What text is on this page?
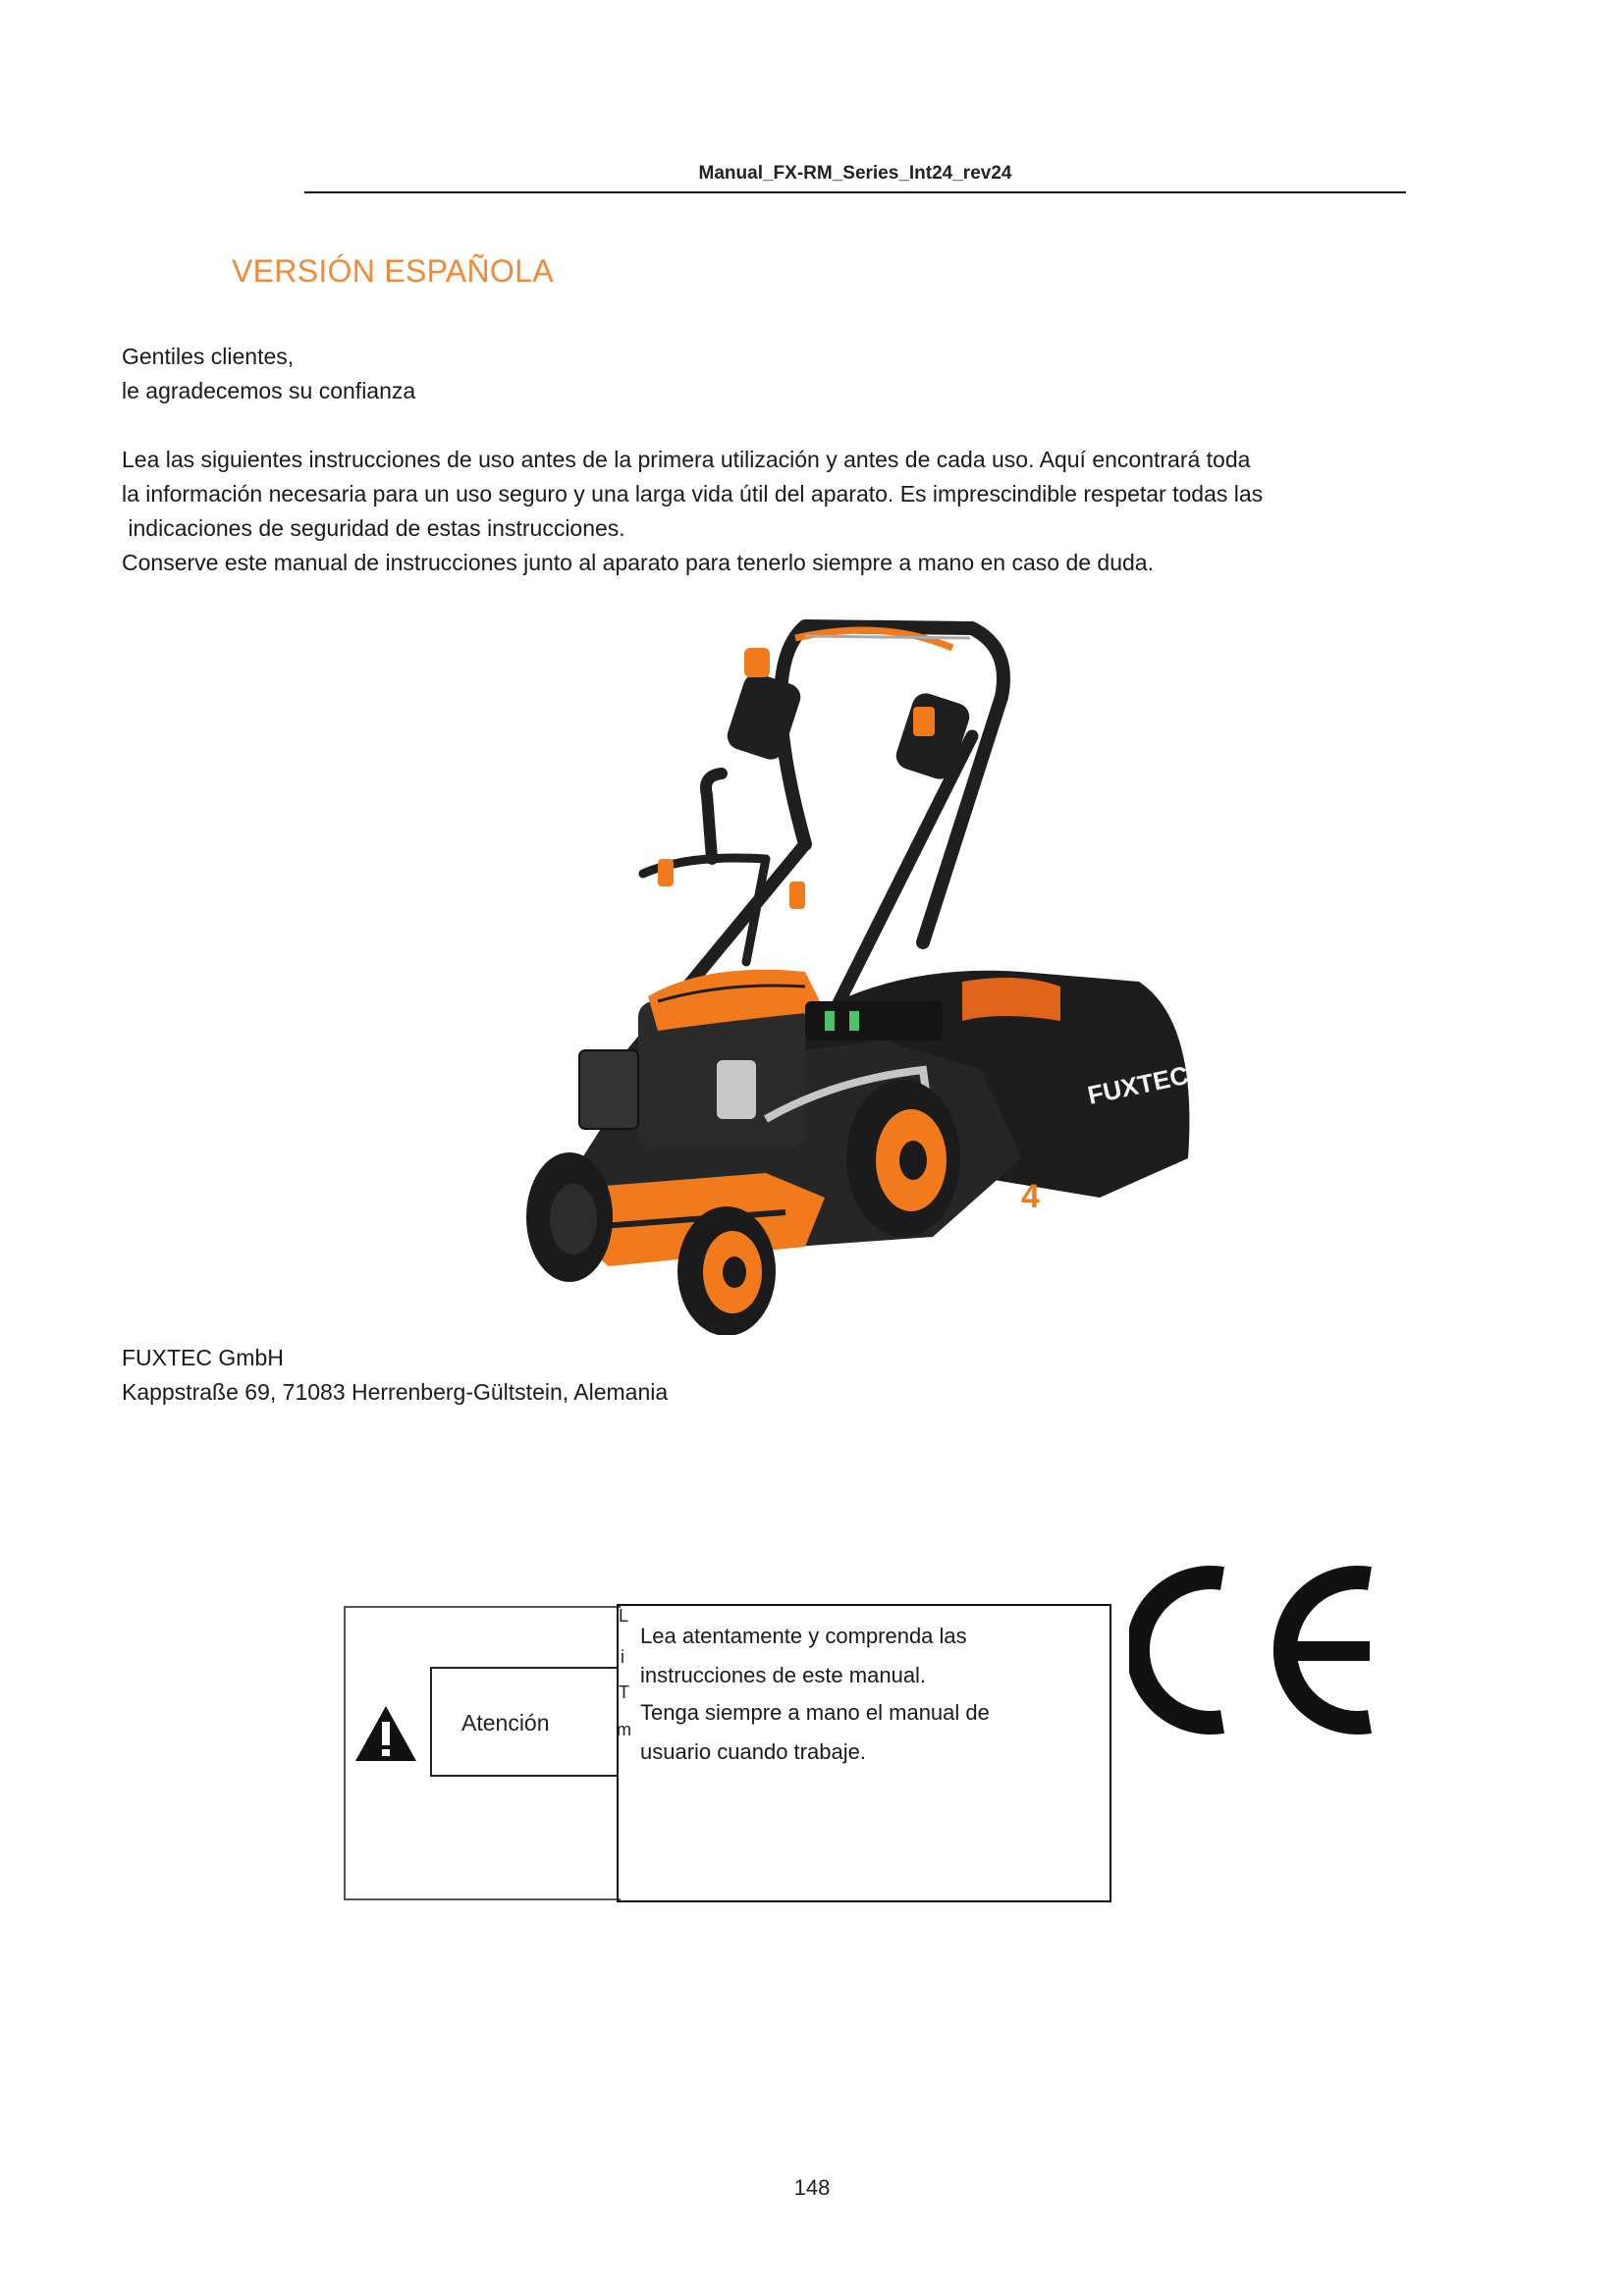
Manual_FX-RM_Series_Int24_rev24
VERSIÓN ESPAÑOLA
Gentiles clientes,
le agradecemos su confianza
Lea las siguientes instrucciones de uso antes de la primera utilización y antes de cada uso. Aquí encontrará toda
la información necesaria para un uso seguro y una larga vida útil del aparato. Es imprescindible respetar todas las
indicaciones de seguridad de estas instrucciones.
Conserve este manual de instrucciones junto al aparato para tenerlo siempre a mano en caso de duda.
FUXTEC
4
FUXTEC GmbH
Kappstraße 69, 71083 Herrenberg-Gültstein, Alemania
Atención
L
i
T
m
Lea atentamente y comprenda las
instrucciones de este manual.
Tenga siempre a mano el manual de
usuario cuando trabaje.
148
